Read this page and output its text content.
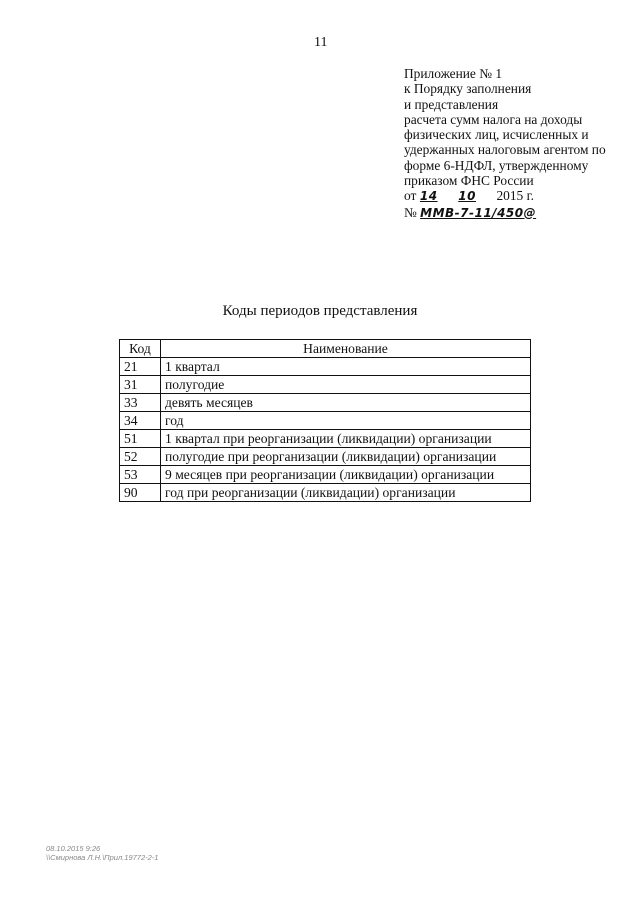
11
Приложение № 1
к Порядку заполнения
и представления
расчета сумм налога на доходы
физических лиц, исчисленных и
удержанных налоговым агентом по
форме 6-НДФЛ, утвержденному
приказом ФНС России
от 14 10 2015 г.
№ ММВ-7-11/450@
Коды периодов представления
Код	Наименование
21	1 квартал
31	полугодие
33	девять месяцев
34	год
51	1 квартал при реорганизации (ликвидации) организации
52	полугодие при реорганизации (ликвидации) организации
53	9 месяцев при реорганизации (ликвидации) организации
90	год при реорганизации (ликвидации) организации
08.10.2015 9:26
\\Смирнова Л.Н.\Прил.19772-2-1
